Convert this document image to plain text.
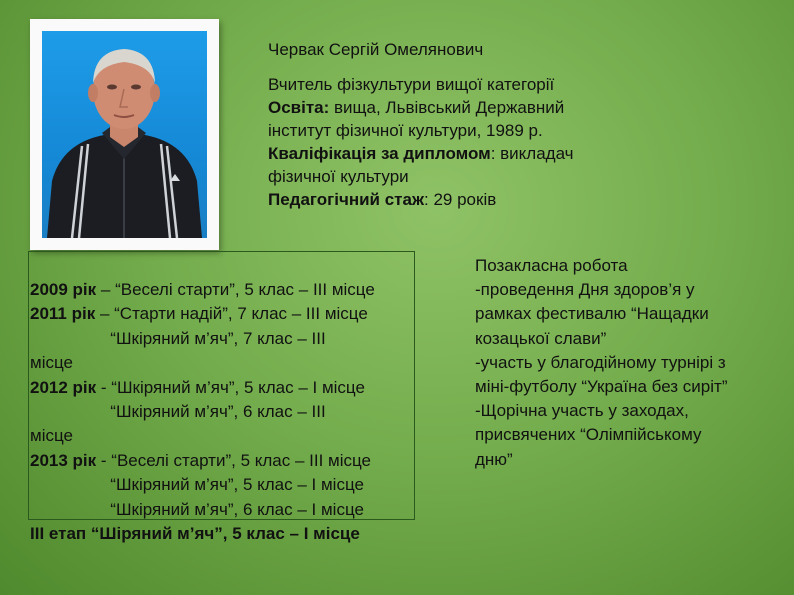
Червак Сергій Омелянович
Вчитель фізкультури вищої категорії
Освіта: вища, Львівський Державний
інститут фізичної культури, 1989 р.
Кваліфікація за дипломом: викладач
фізичної культури
Педагогічний стаж: 29 років
2009 рік – “Веселі старти”, 5 клас – ІІІ місце
2011 рік – “Старти надій”, 7 клас – ІІІ місце
“Шкіряний м’яч”, 7 клас – ІІІ
місце
2012 рік - “Шкіряний м’яч”, 5 клас – І місце
“Шкіряний м’яч”, 6 клас – ІІІ
місце
2013 рік - “Веселі старти”, 5 клас – ІІІ місце
“Шкіряний м’яч”, 5 клас – І місце
“Шкіряний м’яч”, 6 клас – І місце
ІІІ етап “Шіряний м’яч”, 5 клас – І місце
Позакласна робота
-проведення Дня здоров’я у
рамках фестивалю “Нащадки
козацької слави”
-участь у благодійному турнірі з
міні-футболу “Україна без сиріт”
-Щорічна участь у заходах,
присвячених “Олімпійському
дню”
